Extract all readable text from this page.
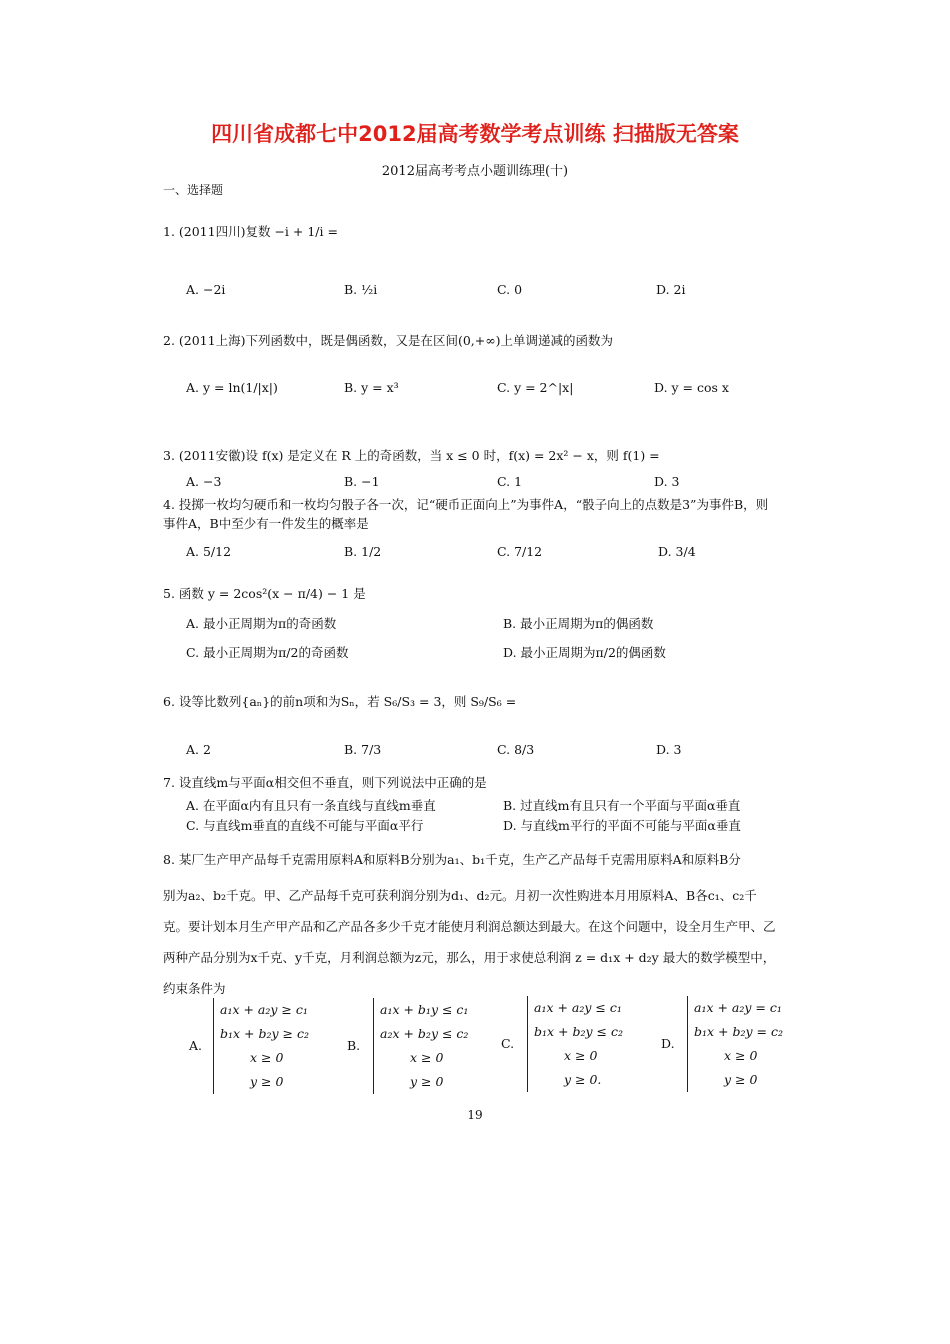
四川省成都七中2012届高考数学考点训练 扫描版无答案
2012届高考考点小题训练理(十)
一、选择题
1. (2011四川)复数 −i + 1/i =
A. −2i	B. ½i	C. 0	D. 2i
2. (2011上海)下列函数中，既是偶函数，又是在区间(0,+∞)上单调递减的函数为
A. y = ln(1/|x|)	B. y = x³	C. y = 2^|x|	D. y = cos x
3. (2011安徽)设 f(x) 是定义在 R 上的奇函数，当 x ≤ 0 时，f(x) = 2x² − x，则 f(1) =
A. −3	B. −1	C. 1	D. 3
4. 投掷一枚均匀硬币和一枚均匀骰子各一次，记“硬币正面向上”为事件A，“骰子向上的点数是3”为事件B，则
事件A，B中至少有一件发生的概率是
A. 5/12	B. 1/2	C. 7/12	D. 3/4
5. 函数 y = 2cos²(x − π/4) − 1 是
A. 最小正周期为π的奇函数	B. 最小正周期为π的偶函数
C. 最小正周期为π/2的奇函数	D. 最小正周期为π/2的偶函数
6. 设等比数列{aₙ}的前n项和为Sₙ，若 S₆/S₃ = 3，则 S₉/S₆ =
A. 2	B. 7/3	C. 8/3	D. 3
7. 设直线m与平面α相交但不垂直，则下列说法中正确的是
A. 在平面α内有且只有一条直线与直线m垂直	B. 过直线m有且只有一个平面与平面α垂直
C. 与直线m垂直的直线不可能与平面α平行	D. 与直线m平行的平面不可能与平面α垂直
8. 某厂生产甲产品每千克需用原料A和原料B分别为a₁、b₁千克，生产乙产品每千克需用原料A和原料B分
别为a₂、b₂千克。甲、乙产品每千克可获利润分别为d₁、d₂元。月初一次性购进本月用原料A、B各c₁、c₂千
克。要计划本月生产甲产品和乙产品各多少千克才能使月利润总额达到最大。在这个问题中，设全月生产甲、乙
两种产品分别为x千克、y千克，月利润总额为z元，那么，用于求使总利润 z = d₁x + d₂y 最大的数学模型中，
约束条件为
A.
a₁x + a₂y ≥ c₁
b₁x + b₂y ≥ c₂
x ≥ 0
y ≥ 0
B.
a₁x + b₁y ≤ c₁
a₂x + b₂y ≤ c₂
x ≥ 0
y ≥ 0
C.
a₁x + a₂y ≤ c₁
b₁x + b₂y ≤ c₂
x ≥ 0
y ≥ 0.
D.
a₁x + a₂y = c₁
b₁x + b₂y = c₂
x ≥ 0
y ≥ 0
19
